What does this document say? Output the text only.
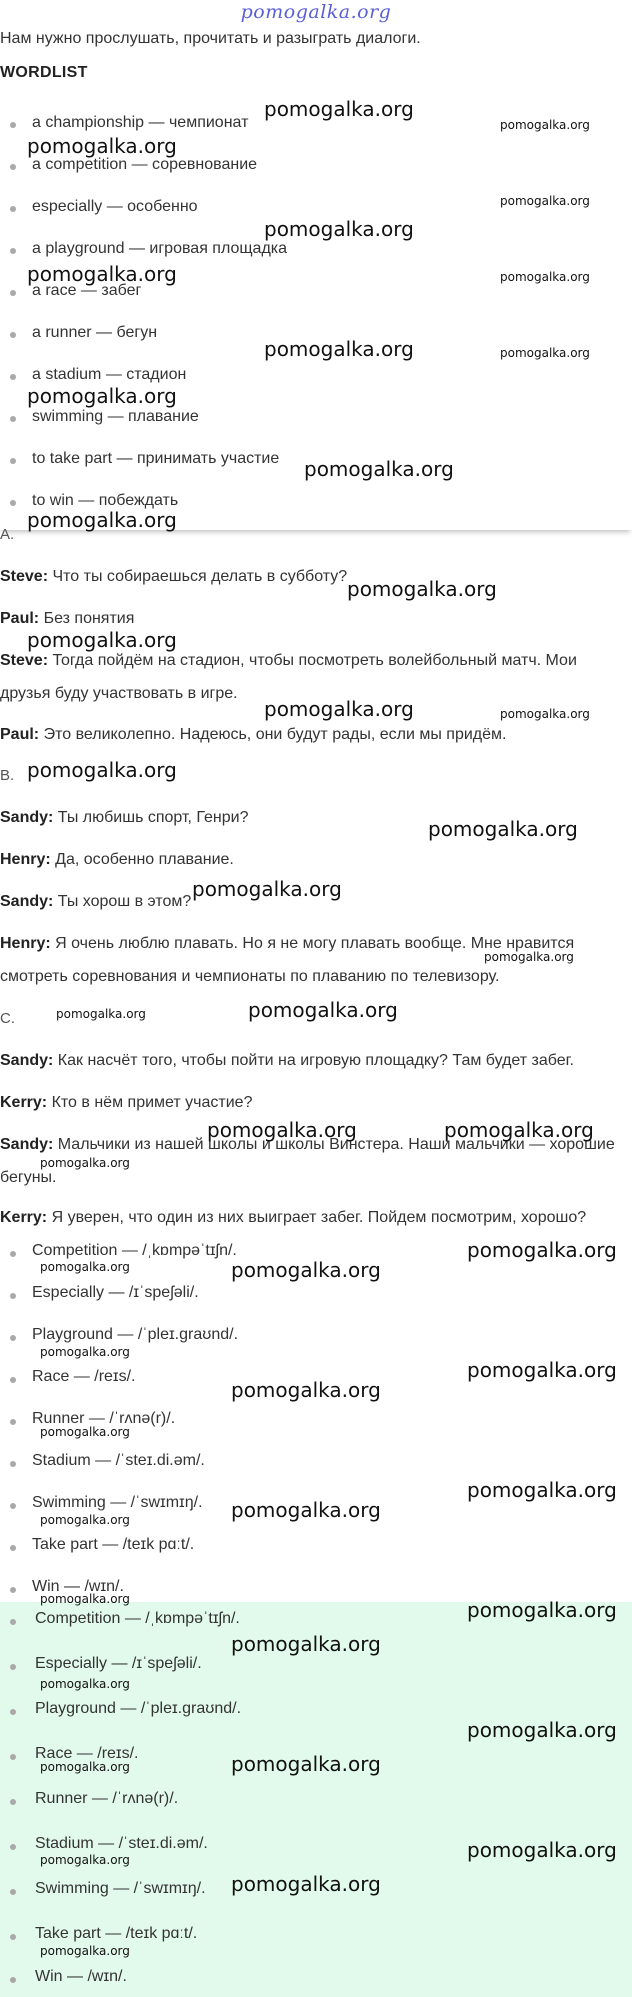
pomogalka.org
Нам нужно прослушать, прочитать и разыграть диалоги.
WORDLIST
a championship — чемпионат
a competition — соревнование
especially — особенно
a playground — игровая площадка
a race — забег
a runner — бегун
a stadium — стадион
swimming — плавание
to take part — принимать участие
to win — побеждать
A.
Steve: Что ты собираешься делать в субботу?
Paul: Без понятия
Steve: Тогда пойдём на стадион, чтобы посмотреть волейбольный матч. Мои друзья буду участвовать в игре.
Paul: Это великолепно. Надеюсь, они будут рады, если мы придём.
B.
Sandy: Ты любишь спорт, Генри?
Henry: Да, особенно плавание.
Sandy: Ты хорош в этом?
Henry: Я очень люблю плавать. Но я не могу плавать вообще. Мне нравится смотреть соревнования и чемпионаты по плаванию по телевизору.
C.
Sandy: Как насчёт того, чтобы пойти на игровую площадку? Там будет забег.
Kerry: Кто в нём примет участие?
Sandy: Мальчики из нашей школы и школы Винстера. Наши мальчики — хорошие бегуны.
Kerry: Я уверен, что один из них выиграет забег. Пойдем посмотрим, хорошо?
Competition — /ˌkɒmpəˈtɪʃn/.
Especially — /ɪˈspeʃəli/.
Playground — /ˈpleɪ.graʊnd/.
Race — /reɪs/.
Runner — /ˈrʌnə(r)/.
Stadium — /ˈsteɪ.di.əm/.
Swimming — /ˈswɪmɪŋ/.
Take part — /teɪk pɑːt/.
Win — /wɪn/.
Competition — /ˌkɒmpəˈtɪʃn/.
Especially — /ɪˈspeʃəli/.
Playground — /ˈpleɪ.graʊnd/.
Race — /reɪs/.
Runner — /ˈrʌnə(r)/.
Stadium — /ˈsteɪ.di.əm/.
Swimming — /ˈswɪmɪŋ/.
Take part — /teɪk pɑːt/.
Win — /wɪn/.
pomogalka.org
pomogalka.org
pomogalka.org
pomogalka.org
pomogalka.org
pomogalka.org	pomogalka.org
pomogalka.org	pomogalka.org
pomogalka.org
pomogalka.org
pomogalka.org
pomogalka.org
pomogalka.org
pomogalka.org	pomogalka.org
pomogalka.org
pomogalka.org
pomogalka.org
pomogalka.org
pomogalka.org
pomogalka.org
pomogalka.org	pomogalka.org
pomogalka.org
pomogalka.org
pomogalka.org	pomogalka.org
pomogalka.org
pomogalka.org
pomogalka.org
pomogalka.org
pomogalka.org
pomogalka.org	pomogalka.org
pomogalka.org	pomogalka.org
pomogalka.org
pomogalka.org
pomogalka.org
pomogalka.org
pomogalka.org
pomogalka.org
pomogalka.org
pomogalka.org
pomogalka.org
